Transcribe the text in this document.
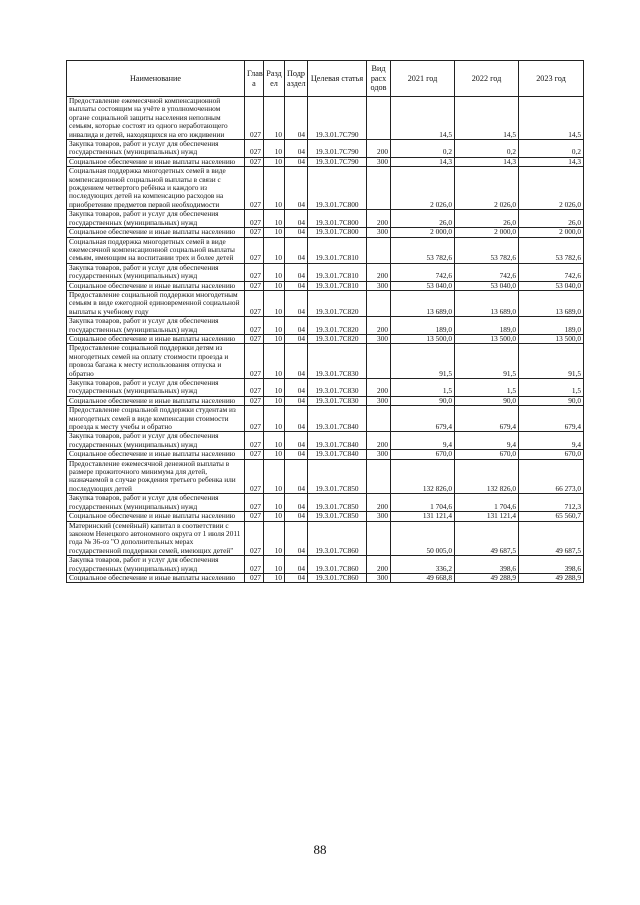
Наименование	Глав а	Разд ел	Подр аздел	Целевая статья	Вид расх одов	2021 год	2022 год	2023 год
Предоставление ежемесячной компенсационной выплаты состоящим на учёте в уполномоченном органе социальной защиты населения неполным семьям, которые состоят из одного неработающего инвалида и детей, находящихся на его иждивении	027	10	04	19.3.01.7С790		14,5	14,5	14,5
Закупка товаров, работ и услуг для обеспечения государственных (муниципальных) нужд	027	10	04	19.3.01.7С790	200	0,2	0,2	0,2
Социальное обеспечение и иные выплаты населению	027	10	04	19.3.01.7С790	300	14,3	14,3	14,3
Социальная поддержка многодетных семей в виде компенсационной социальной выплаты в связи с рождением четвертого ребёнка и каждого из последующих детей на компенсацию расходов на приобретение предметов первой необходимости	027	10	04	19.3.01.7С800		2 026,0	2 026,0	2 026,0
Закупка товаров, работ и услуг для обеспечения государственных (муниципальных) нужд	027	10	04	19.3.01.7С800	200	26,0	26,0	26,0
Социальное обеспечение и иные выплаты населению	027	10	04	19.3.01.7С800	300	2 000,0	2 000,0	2 000,0
Социальная поддержка многодетных семей в виде ежемесячной компенсационной социальной выплаты семьям, имеющим на воспитании трех и более детей	027	10	04	19.3.01.7С810		53 782,6	53 782,6	53 782,6
Закупка товаров, работ и услуг для обеспечения государственных (муниципальных) нужд	027	10	04	19.3.01.7С810	200	742,6	742,6	742,6
Социальное обеспечение и иные выплаты населению	027	10	04	19.3.01.7С810	300	53 040,0	53 040,0	53 040,0
Предоставление социальной поддержки многодетным семьям в виде ежегодной единовременной социальной выплаты к учебному году	027	10	04	19.3.01.7С820		13 689,0	13 689,0	13 689,0
Закупка товаров, работ и услуг для обеспечения государственных (муниципальных) нужд	027	10	04	19.3.01.7С820	200	189,0	189,0	189,0
Социальное обеспечение и иные выплаты населению	027	10	04	19.3.01.7С820	300	13 500,0	13 500,0	13 500,0
Предоставление социальной поддержки детям из многодетных семей на оплату стоимости проезда и провоза багажа к месту использования отпуска и обратно	027	10	04	19.3.01.7С830		91,5	91,5	91,5
Закупка товаров, работ и услуг для обеспечения государственных (муниципальных) нужд	027	10	04	19.3.01.7С830	200	1,5	1,5	1,5
Социальное обеспечение и иные выплаты населению	027	10	04	19.3.01.7С830	300	90,0	90,0	90,0
Предоставление социальной поддержки студентам из многодетных семей в виде компенсации стоимости проезда к месту учебы и обратно	027	10	04	19.3.01.7С840		679,4	679,4	679,4
Закупка товаров, работ и услуг для обеспечения государственных (муниципальных) нужд	027	10	04	19.3.01.7С840	200	9,4	9,4	9,4
Социальное обеспечение и иные выплаты населению	027	10	04	19.3.01.7С840	300	670,0	670,0	670,0
Предоставление ежемесячной денежной выплаты в размере прожиточного минимума для детей, назначаемой в случае рождения третьего ребенка или последующих детей	027	10	04	19.3.01.7С850		132 826,0	132 826,0	66 273,0
Закупка товаров, работ и услуг для обеспечения государственных (муниципальных) нужд	027	10	04	19.3.01.7С850	200	1 704,6	1 704,6	712,3
Социальное обеспечение и иные выплаты населению	027	10	04	19.3.01.7С850	300	131 121,4	131 121,4	65 560,7
Материнский (семейный) капитал в соответствии с законом Ненецкого автономного округа от 1 июля 2011 года № 36-оз "О дополнительных мерах государственной поддержки семей, имеющих детей"	027	10	04	19.3.01.7С860		50 005,0	49 687,5	49 687,5
Закупка товаров, работ и услуг для обеспечения государственных (муниципальных) нужд	027	10	04	19.3.01.7С860	200	336,2	398,6	398,6
Социальное обеспечение и иные выплаты населению	027	10	04	19.3.01.7С860	300	49 668,8	49 288,9	49 288,9
88
